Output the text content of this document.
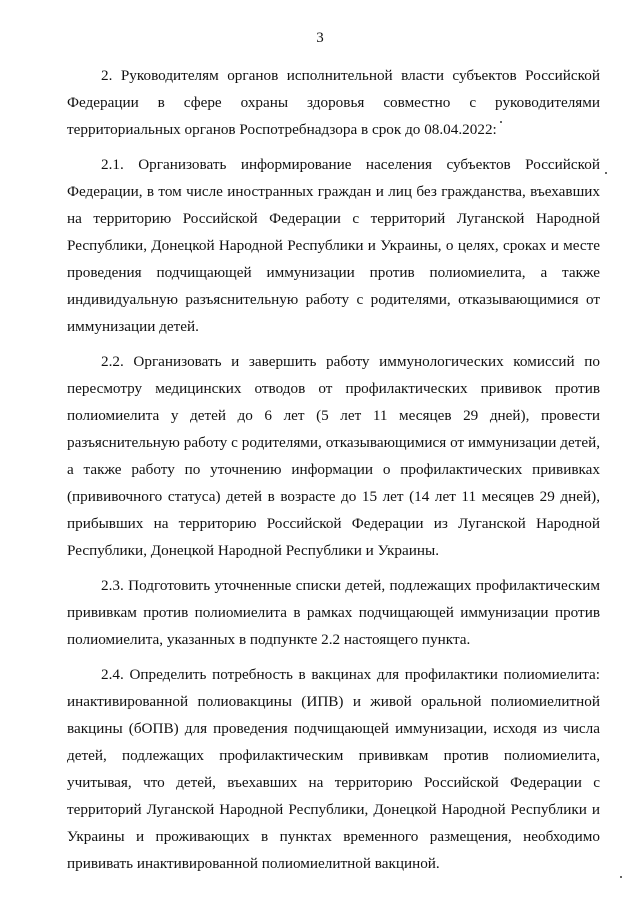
3

2. Руководителям органов исполнительной власти субъектов Российской Федерации в сфере охраны здоровья совместно с руководителями территориальных органов Роспотребнадзора в срок до 08.04.2022:

2.1. Организовать информирование населения субъектов Российской Федерации, в том числе иностранных граждан и лиц без гражданства, въехавших на территорию Российской Федерации с территорий Луганской Народной Республики, Донецкой Народной Республики и Украины, о целях, сроках и месте проведения подчищающей иммунизации против полиомиелита, а также индивидуальную разъяснительную работу с родителями, отказывающимися от иммунизации детей.

2.2. Организовать и завершить работу иммунологических комиссий по пересмотру медицинских отводов от профилактических прививок против полиомиелита у детей до 6 лет (5 лет 11 месяцев 29 дней), провести разъяснительную работу с родителями, отказывающимися от иммунизации детей, а также работу по уточнению информации о профилактических прививках (прививочного статуса) детей в возрасте до 15 лет (14 лет 11 месяцев 29 дней), прибывших на территорию Российской Федерации из Луганской Народной Республики, Донецкой Народной Республики и Украины.

2.3. Подготовить уточненные списки детей, подлежащих профилактическим прививкам против полиомиелита в рамках подчищающей иммунизации против полиомиелита, указанных в подпункте 2.2 настоящего пункта.

2.4. Определить потребность в вакцинах для профилактики полиомиелита: инактивированной полиовакцины (ИПВ) и живой оральной полиомиелитной вакцины (бОПВ) для проведения подчищающей иммунизации, исходя из числа детей, подлежащих профилактическим прививкам против полиомиелита, учитывая, что детей, въехавших на территорию Российской Федерации с территорий Луганской Народной Республики, Донецкой Народной Республики и Украины и проживающих в пунктах временного размещения, необходимо прививать инактивированной полиомиелитной вакциной.
